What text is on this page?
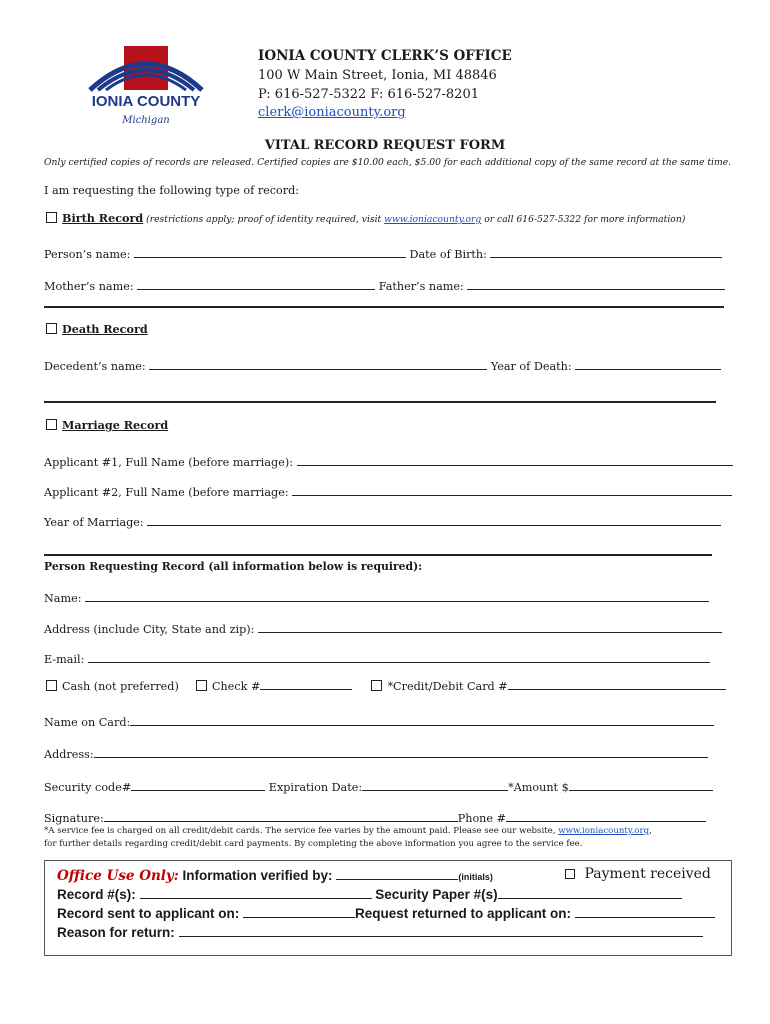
IONIA COUNTY
Michigan
IONIA COUNTY CLERK’S OFFICE
100 W Main Street, Ionia, MI 48846
P: 616-527-5322 F: 616-527-8201
clerk@ioniacounty.org
VITAL RECORD REQUEST FORM
Only certified copies of records are released. Certified copies are $10.00 each, $5.00 for each additional copy of the same record at the same time.
I am requesting the following type of record:
Birth Record (restrictions apply; proof of identity required, visit www.ioniacounty.org or call 616-527-5322 for more information)
Person’s name:	Date of Birth:
Mother’s name:	Father’s name:
Death Record
Decedent’s name:	Year of Death:
Marriage Record
Applicant #1, Full Name (before marriage):
Applicant #2, Full Name (before marriage:
Year of Marriage:
Person Requesting Record (all information below is required):
Name:
Address (include City, State and zip):
E-mail:
Cash (not preferred)	Check #	*Credit/Debit Card #
Name on Card:
Address:
Security code#	Expiration Date:	*Amount $
Signature:	Phone #
*A service fee is charged on all credit/debit cards. The service fee varies by the amount paid. Please see our website, www.ioniacounty.org,
for further details regarding credit/debit card payments. By completing the above information you agree to the service fee.
Office Use Only: Information verified by:	(initials)	Payment received
Record #(s):	Security Paper #(s)
Record sent to applicant on:	Request returned to applicant on:
Reason for return:
